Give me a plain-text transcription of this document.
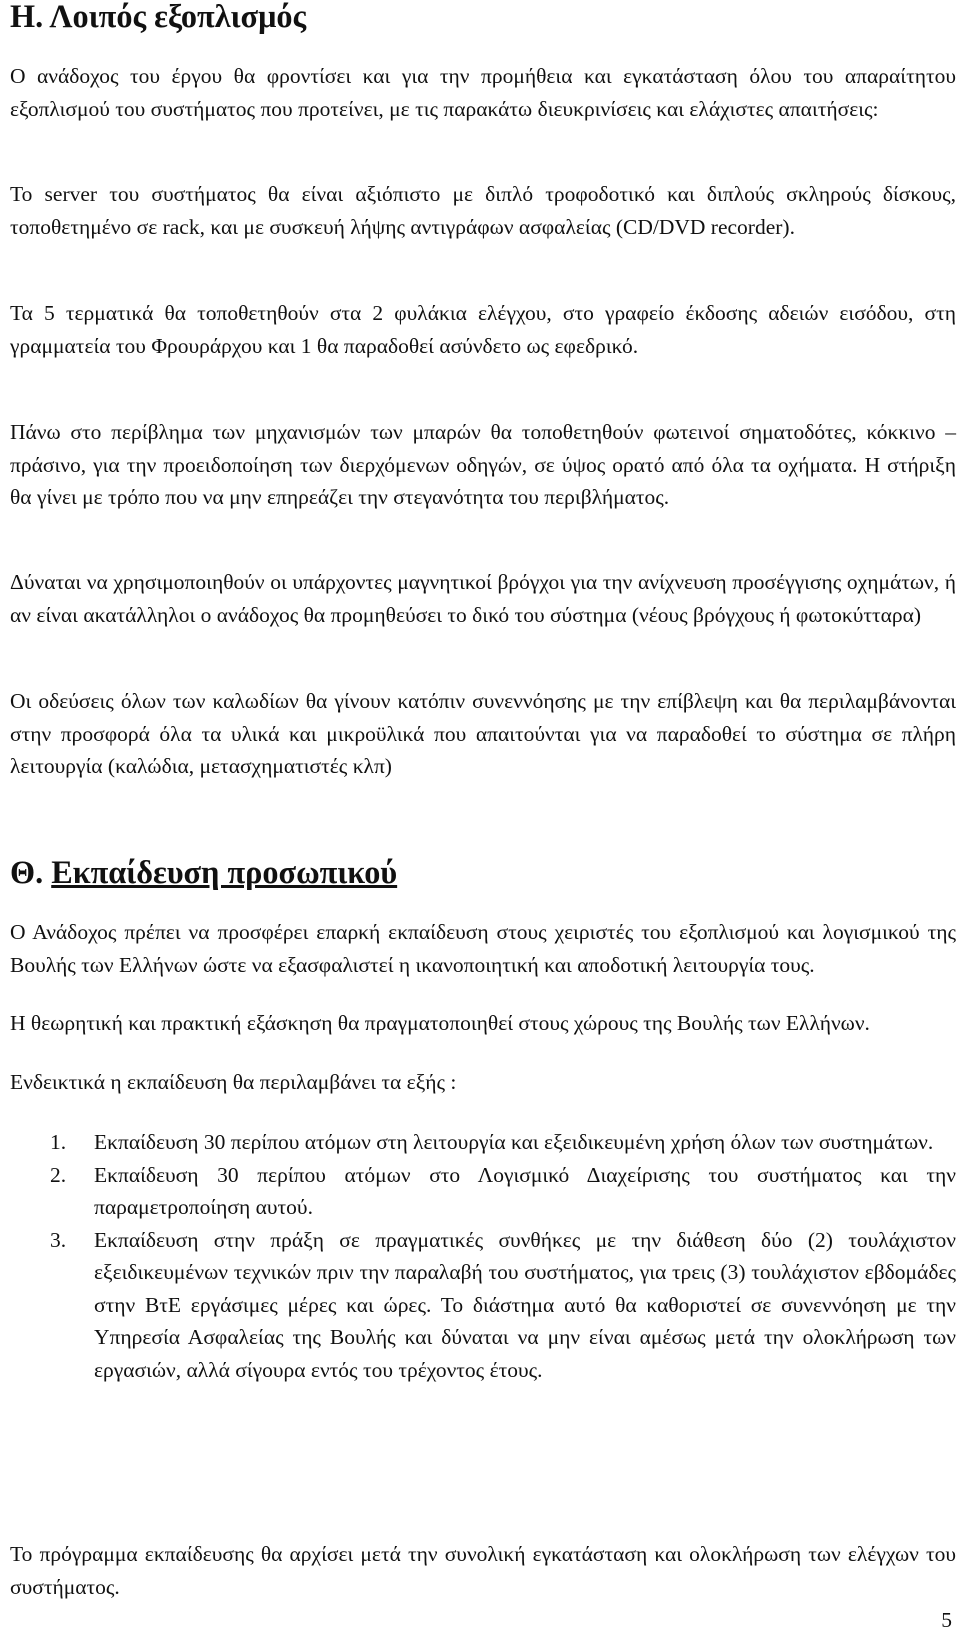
Η. Λοιπός εξοπλισμός

Ο ανάδοχος του έργου θα φροντίσει και για την προμήθεια και εγκατάσταση όλου του απαραίτητου εξοπλισμού του συστήματος που προτείνει, με τις παρακάτω διευκρινίσεις και ελάχιστες απαιτήσεις:

Το server του συστήματος θα είναι αξιόπιστο με διπλό τροφοδοτικό και διπλούς σκληρούς δίσκους, τοποθετημένο σε rack, και με συσκευή λήψης αντιγράφων ασφαλείας (CD/DVD recorder).

Τα 5 τερματικά θα τοποθετηθούν στα 2 φυλάκια ελέγχου, στο γραφείο έκδοσης αδειών εισόδου, στη γραμματεία του Φρουράρχου και 1 θα παραδοθεί ασύνδετο ως εφεδρικό.

Πάνω στο περίβλημα των μηχανισμών των μπαρών θα τοποθετηθούν φωτεινοί σηματοδότες, κόκκινο – πράσινο, για την προειδοποίηση των διερχόμενων οδηγών, σε ύψος ορατό από όλα τα οχήματα. Η στήριξη θα γίνει με τρόπο που να μην επηρεάζει την στεγανότητα του περιβλήματος.

Δύναται να χρησιμοποιηθούν οι υπάρχοντες μαγνητικοί βρόγχοι για την ανίχνευση προσέγγισης οχημάτων, ή αν είναι ακατάλληλοι ο ανάδοχος θα προμηθεύσει το δικό του σύστημα (νέους βρόγχους ή φωτοκύτταρα)

Οι οδεύσεις όλων των καλωδίων θα γίνουν κατόπιν συνεννόησης με την επίβλεψη και θα περιλαμβάνονται στην προσφορά όλα τα υλικά και μικροϋλικά που απαιτούνται για να παραδοθεί το σύστημα σε πλήρη λειτουργία (καλώδια, μετασχηματιστές κλπ)

Θ. Εκπαίδευση προσωπικού

Ο Ανάδοχος πρέπει να προσφέρει επαρκή εκπαίδευση στους χειριστές του εξοπλισμού και λογισμικού της Βουλής των Ελλήνων ώστε να εξασφαλιστεί η ικανοποιητική και αποδοτική λειτουργία τους.

Η θεωρητική και πρακτική εξάσκηση θα πραγματοποιηθεί στους χώρους της Βουλής των Ελλήνων.

Ενδεικτικά η εκπαίδευση θα περιλαμβάνει τα εξής :

1. Εκπαίδευση 30 περίπου ατόμων στη λειτουργία και εξειδικευμένη χρήση όλων των συστημάτων.
2. Εκπαίδευση 30 περίπου ατόμων στο Λογισμικό Διαχείρισης του συστήματος και την παραμετροποίηση αυτού.
3. Εκπαίδευση στην πράξη σε πραγματικές συνθήκες με την διάθεση δύο (2) τουλάχιστον εξειδικευμένων τεχνικών πριν την παραλαβή του συστήματος, για τρεις (3) τουλάχιστον εβδομάδες στην ΒτΕ εργάσιμες μέρες και ώρες. Το διάστημα αυτό θα καθοριστεί σε συνεννόηση με την Υπηρεσία Ασφαλείας της Βουλής και δύναται να μην είναι αμέσως μετά την ολοκλήρωση των εργασιών, αλλά σίγουρα εντός του τρέχοντος έτους.

Το πρόγραμμα εκπαίδευσης θα αρχίσει μετά την συνολική εγκατάσταση και ολοκλήρωση των ελέγχων του συστήματος.

5
